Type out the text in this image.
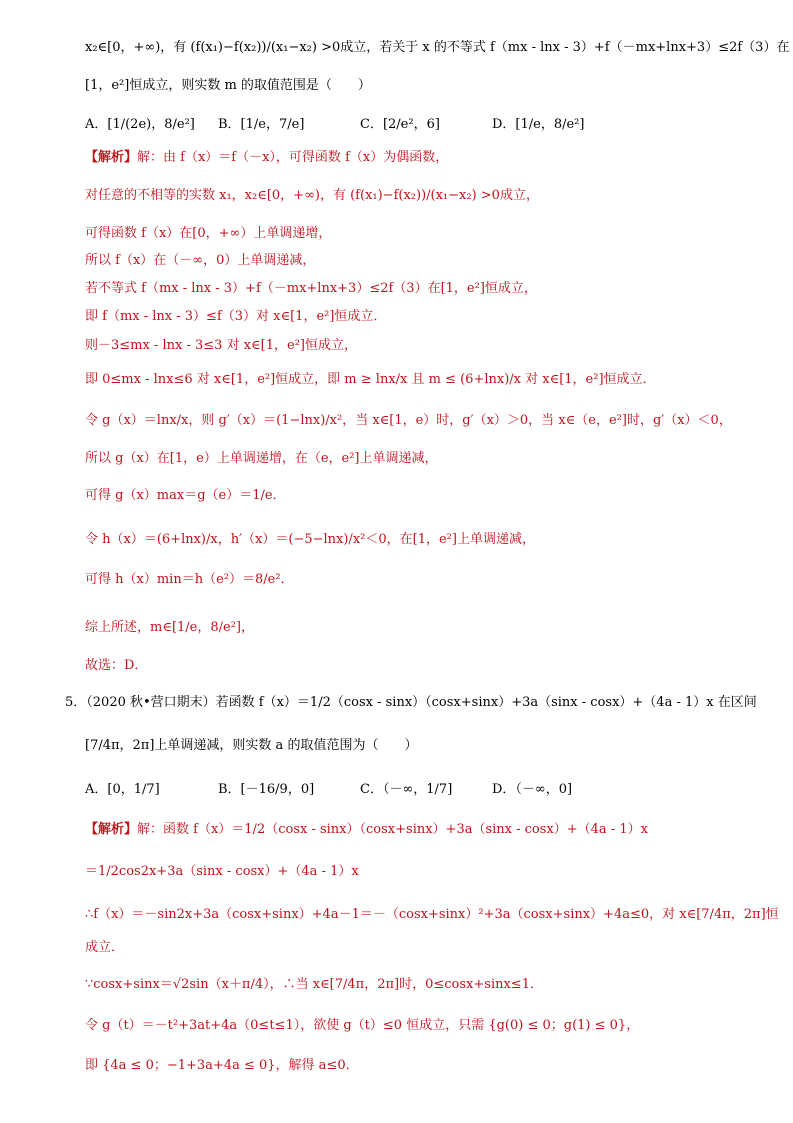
x₂∈[0，+∞)，有 (f(x₁)−f(x₂))/(x₁−x₂) >0成立，若关于 x 的不等式 f（mx - lnx - 3）+f（－mx+lnx+3）≤2f（3）在
[1，e²]恒成立，则实数 m 的取值范围是（　　）
A．[1/(2e)，8/e²] B．[1/e，7/e]	C．[2/e²，6]	D．[1/e，8/e²]
【解析】解：由 f（x）＝f（－x），可得函数 f（x）为偶函数，
对任意的不相等的实数 x₁，x₂∈[0，+∞)，有 (f(x₁)−f(x₂))/(x₁−x₂) >0成立，
可得函数 f（x）在[0，+∞）上单调递增，
所以 f（x）在（－∞，0）上单调递减，
若不等式 f（mx - lnx - 3）+f（－mx+lnx+3）≤2f（3）在[1，e²]恒成立，
即 f（mx - lnx - 3）≤f（3）对 x∈[1，e²]恒成立．
则－3≤mx - lnx - 3≤3 对 x∈[1，e²]恒成立，
即 0≤mx - lnx≤6 对 x∈[1，e²]恒成立，即 m ≥ lnx/x 且 m ≤ (6+lnx)/x 对 x∈[1，e²]恒成立．
令 g（x）＝lnx/x，则 g′（x）＝(1−lnx)/x²，当 x∈[1，e）时，g′（x）＞0，当 x∈（e，e²]时，g′（x）＜0，
所以 g（x）在[1，e）上单调递增，在（e，e²]上单调递减，
可得 g（x）max＝g（e）＝1/e．
令 h（x）＝(6+lnx)/x，h′（x）＝(−5−lnx)/x²＜0，在[1，e²]上单调递减，
可得 h（x）min＝h（e²）＝8/e²．
综上所述，m∈[1/e，8/e²]，
故选：D．
5．（2020 秋•营口期末）若函数 f（x）＝1/2（cosx - sinx）（cosx+sinx）+3a（sinx - cosx）+（4a - 1）x 在区间
[7/4π，2π]上单调递减，则实数 a 的取值范围为（　　）
A．[0，1/7]	B．[－16/9，0]	C．（－∞，1/7]	D．（－∞，0]
【解析】解：函数 f（x）＝1/2（cosx - sinx）（cosx+sinx）+3a（sinx - cosx）+（4a - 1）x
＝1/2cos2x+3a（sinx - cosx）+（4a - 1）x
∴f（x）＝－sin2x+3a（cosx+sinx）+4a－1＝－（cosx+sinx）²+3a（cosx+sinx）+4a≤0，对 x∈[7/4π，2π]恒
成立．
∵cosx+sinx＝√2sin（x＋π/4），∴当 x∈[7/4π，2π]时，0≤cosx+sinx≤1．
令 g（t）＝－t²+3at+4a（0≤t≤1），欲使 g（t）≤0 恒成立，只需 {g(0) ≤ 0；g(1) ≤ 0}，
即 {4a ≤ 0；−1+3a+4a ≤ 0}，解得 a≤0．
